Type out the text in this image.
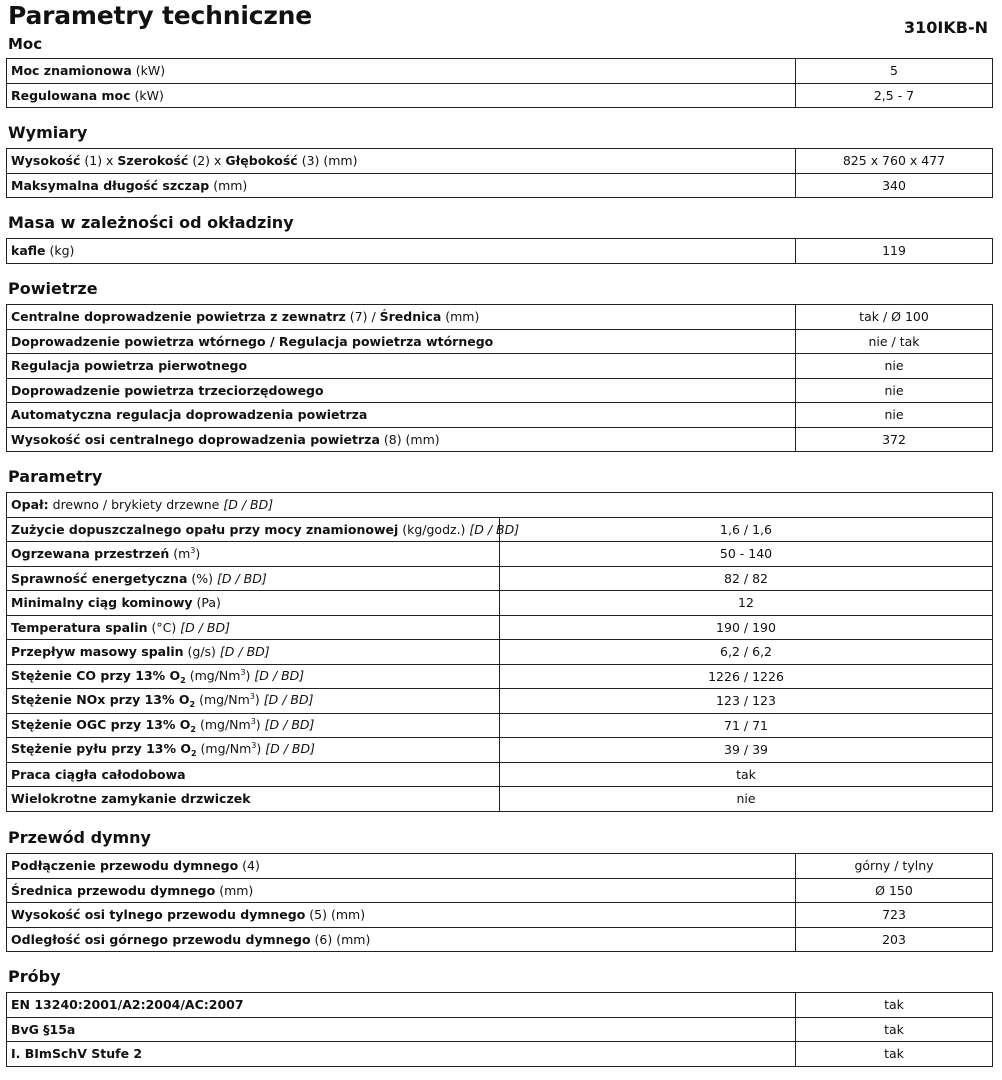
Parametry techniczne	310IKB-N
Moc
Moc znamionowa (kW)	5
Regulowana moc (kW)	2,5 - 7
Wymiary
Wysokość (1) x Szerokość (2) x Głębokość (3) (mm)	825 x 760 x 477
Maksymalna długość szczap (mm)	340
Masa w zależności od okładziny
kafle (kg)	119
Powietrze
Centralne doprowadzenie powietrza z zewnatrz (7) / Średnica (mm)	tak / Ø 100
Doprowadzenie powietrza wtórnego / Regulacja powietrza wtórnego	nie / tak
Regulacja powietrza pierwotnego	nie
Doprowadzenie powietrza trzeciorzędowego	nie
Automatyczna regulacja doprowadzenia powietrza	nie
Wysokość osi centralnego doprowadzenia powietrza (8) (mm)	372
Parametry
Opał: drewno / brykiety drzewne [D / BD]	
Zużycie dopuszczalnego opału przy mocy znamionowej (kg/godz.) [D / BD]	1,6 / 1,6
Ogrzewana przestrzeń $(m^3)$	50 - 140
Sprawność energetyczna (%) [D / BD]	82 / 82
Minimalny ciąg kominowy (Pa)	12
Temperatura spalin (°C) [D / BD]	190 / 190
Przepływ masowy spalin (g/s) [D / BD]	6,2 / 6,2
Stężenie CO przy 13% $O_2$ (mg/Nm$^3$) [D / BD]	1226 / 1226
Stężenie NOx przy 13% $O_2$ (mg/Nm$^3$) [D / BD]	123 / 123
Stężenie OGC przy 13% $O_2$ (mg/Nm$^3$) [D / BD]	71 / 71
Stężenie pyłu przy 13% $O_2$ (mg/Nm$^3$) [D / BD]	39 / 39
Praca ciągła całodobowa	tak
Wielokrotne zamykanie drzwiczek	nie
Przewód dymny
Podłączenie przewodu dymnego (4)	górny / tylny
Średnica przewodu dymnego (mm)	Ø 150
Wysokość osi tylnego przewodu dymnego (5) (mm)	723
Odległość osi górnego przewodu dymnego (6) (mm)	203
Próby
EN 13240:2001/A2:2004/AC:2007	tak
BvG §15a	tak
I. BImSchV Stufe 2	tak
